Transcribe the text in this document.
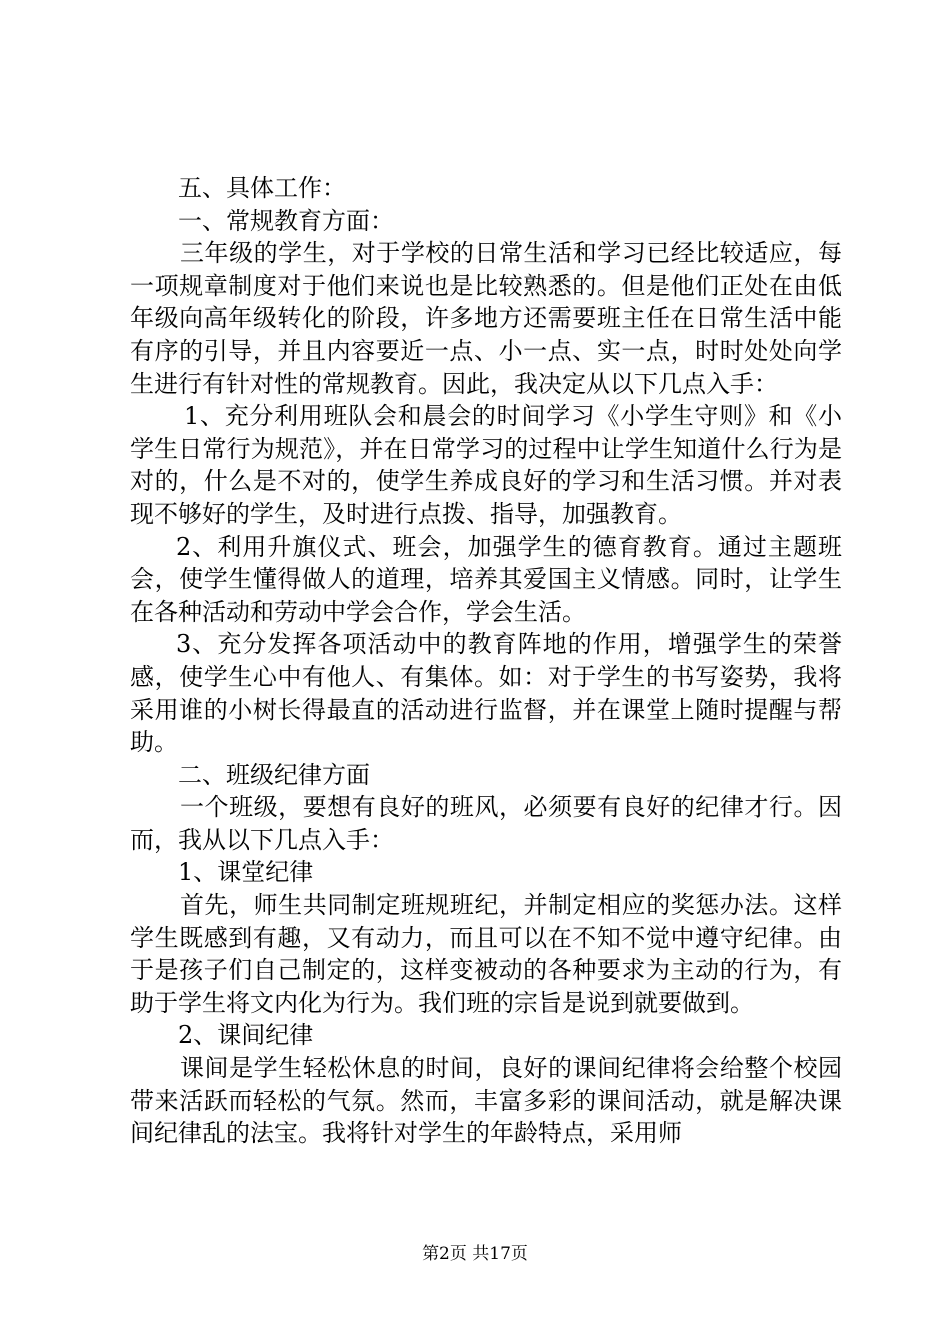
五、具体工作：

一、常规教育方面：

三年级的学生，对于学校的日常生活和学习已经比较适应，每一项规章制度对于他们来说也是比较熟悉的。但是他们正处在由低年级向高年级转化的阶段，许多地方还需要班主任在日常生活中能有序的引导，并且内容要近一点、小一点、实一点，时时处处向学生进行有针对性的常规教育。因此，我决定从以下几点入手：

1、充分利用班队会和晨会的时间学习《小学生守则》和《小学生日常行为规范》，并在日常学习的过程中让学生知道什么行为是对的，什么是不对的，使学生养成良好的学习和生活习惯。并对表现不够好的学生，及时进行点拨、指导，加强教育。

2、利用升旗仪式、班会，加强学生的德育教育。通过主题班会，使学生懂得做人的道理，培养其爱国主义情感。同时，让学生在各种活动和劳动中学会合作，学会生活。

3、充分发挥各项活动中的教育阵地的作用，增强学生的荣誉感，使学生心中有他人、有集体。如：对于学生的书写姿势，我将采用谁的小树长得最直的活动进行监督，并在课堂上随时提醒与帮助。

二、班级纪律方面

一个班级，要想有良好的班风，必须要有良好的纪律才行。因而，我从以下几点入手：

1、课堂纪律

首先，师生共同制定班规班纪，并制定相应的奖惩办法。这样学生既感到有趣，又有动力，而且可以在不知不觉中遵守纪律。由于是孩子们自己制定的，这样变被动的各种要求为主动的行为，有助于学生将文内化为行为。我们班的宗旨是说到就要做到。

2、课间纪律

课间是学生轻松休息的时间，良好的课间纪律将会给整个校园带来活跃而轻松的气氛。然而，丰富多彩的课间活动，就是解决课间纪律乱的法宝。我将针对学生的年龄特点，采用师

第2页 共17页
